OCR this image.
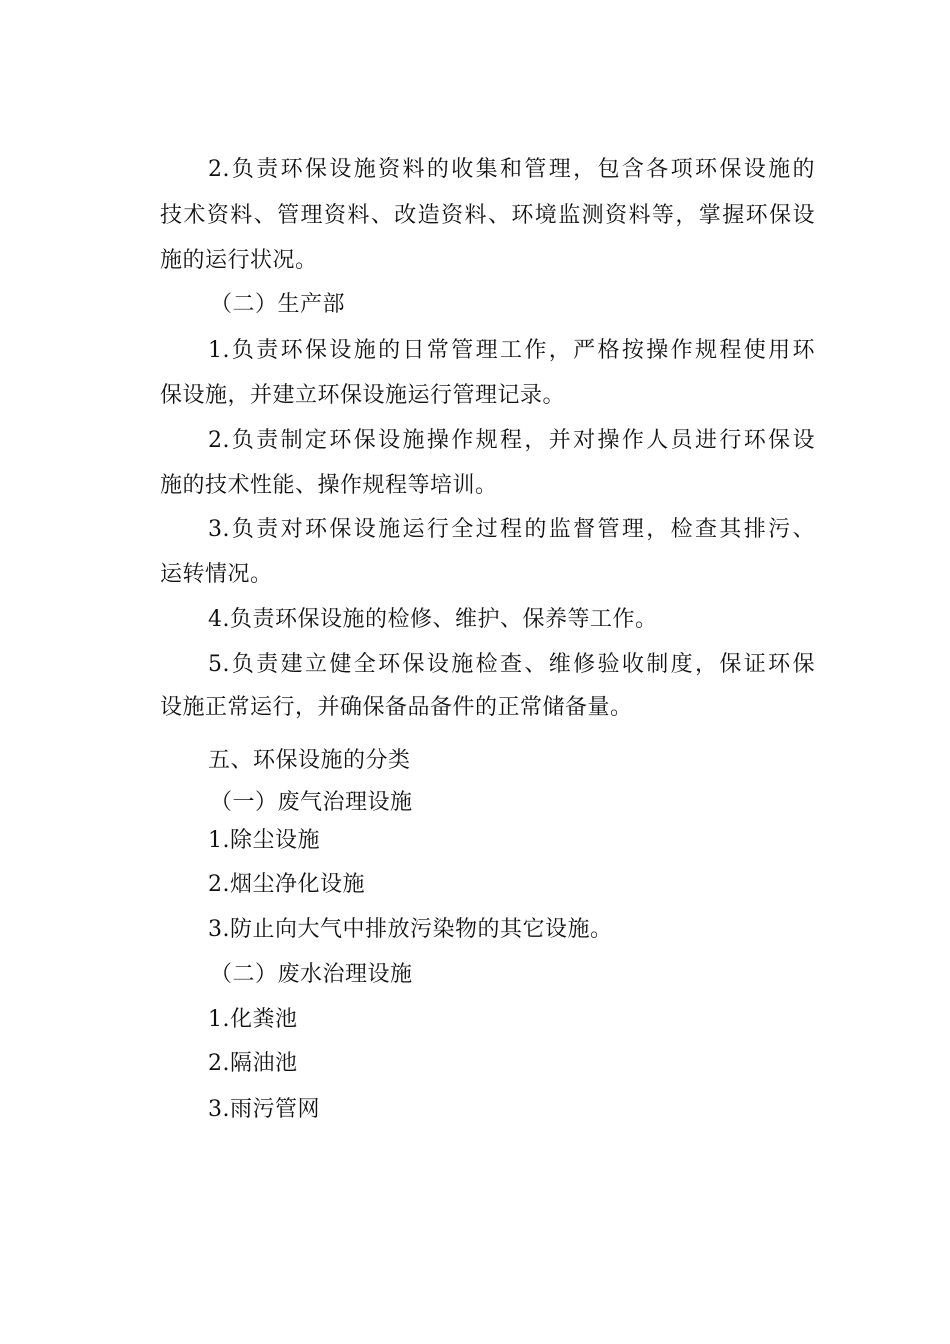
2.负责环保设施资料的收集和管理，包含各项环保设施的
技术资料、管理资料、改造资料、环境监测资料等，掌握环保设
施的运行状况。
（二）生产部
1.负责环保设施的日常管理工作，严格按操作规程使用环
保设施，并建立环保设施运行管理记录。
2.负责制定环保设施操作规程，并对操作人员进行环保设
施的技术性能、操作规程等培训。
3.负责对环保设施运行全过程的监督管理，检查其排污、
运转情况。
4.负责环保设施的检修、维护、保养等工作。
5.负责建立健全环保设施检查、维修验收制度，保证环保
设施正常运行，并确保备品备件的正常储备量。
五、环保设施的分类
（一）废气治理设施
1.除尘设施
2.烟尘净化设施
3.防止向大气中排放污染物的其它设施。
（二）废水治理设施
1.化粪池
2.隔油池
3.雨污管网
